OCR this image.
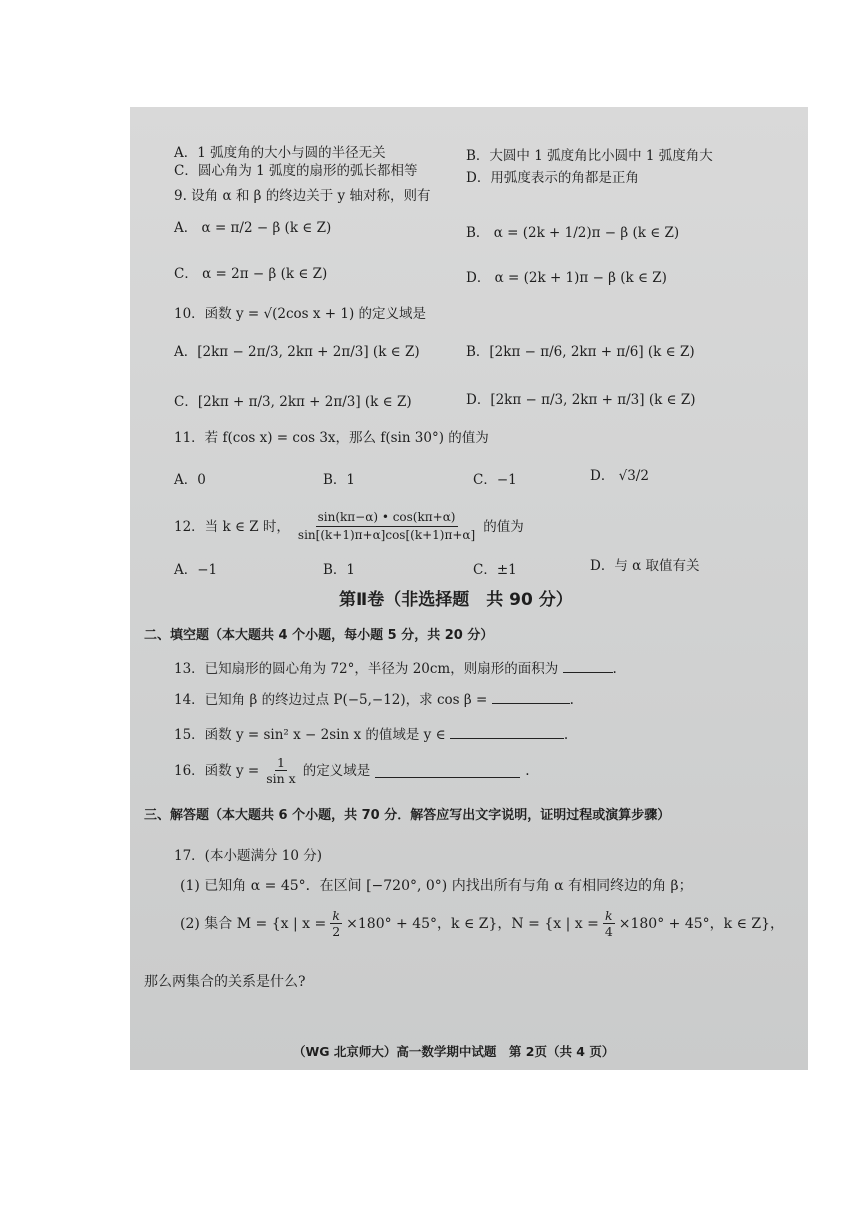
A．1 弧度角的大小与圆的半径无关	B．大圆中 1 弧度角比小圆中 1 弧度角大
C．圆心角为 1 弧度的扇形的弧长都相等	D．用弧度表示的角都是正角
9. 设角 α 和 β 的终边关于 y 轴对称，则有
A． α = π/2 − β (k ∈ Z)	B． α = (2k + 1/2)π − β (k ∈ Z)
C． α = 2π − β (k ∈ Z)	D． α = (2k + 1)π − β (k ∈ Z)
10．函数 y = √(2cos x + 1) 的定义域是
A．[2kπ − 2π/3, 2kπ + 2π/3] (k ∈ Z)	B．[2kπ − π/6, 2kπ + π/6] (k ∈ Z)
C．[2kπ + π/3, 2kπ + 2π/3] (k ∈ Z)	D．[2kπ − π/3, 2kπ + π/3] (k ∈ Z)
11．若 f(cos x) = cos 3x，那么 f(sin 30°) 的值为
A．0	B．1	C．−1	D． √3/2
12．当 k ∈ Z 时， $\frac{\sin(k\pi-\alpha) • \cos(k\pi+\alpha)}{\sin[(k+1)\pi+\alpha]\cos[(k+1)\pi+\alpha]}$ 的值为
A．−1	B．1	C．±1	D．与 α 取值有关
第Ⅱ卷（非选择题　共 90 分）
二、填空题（本大题共 4 个小题，每小题 5 分，共 20 分）
13．已知扇形的圆心角为 72°，半径为 20cm，则扇形的面积为	.
14．已知角 β 的终边过点 P(−5,−12)，求 cos β =	.
15．函数 y = sin² x − 2sin x 的值域是 y ∈	.
16．函数 $y = \frac{1}{\text{sin x}}$ 的定义域是	.
三、解答题（本大题共 6 个小题，共 70 分．解答应写出文字说明，证明过程或演算步骤）
17．(本小题满分 10 分)
(1) 已知角 α = 45°．在区间 [−720°, 0°) 内找出所有与角 α 有相同终边的角 β；
(2) 集合 M = {x | $x = \frac{k}{2} \times 180^\circ + 45^\circ$，k ∈ Z}，N = {x | $x = \frac{k}{4} \times 180^\circ + 45^\circ$，k ∈ Z}，
那么两集合的关系是什么?
（WG 北京师大）高一数学期中试题　第 2页（共 4 页）
